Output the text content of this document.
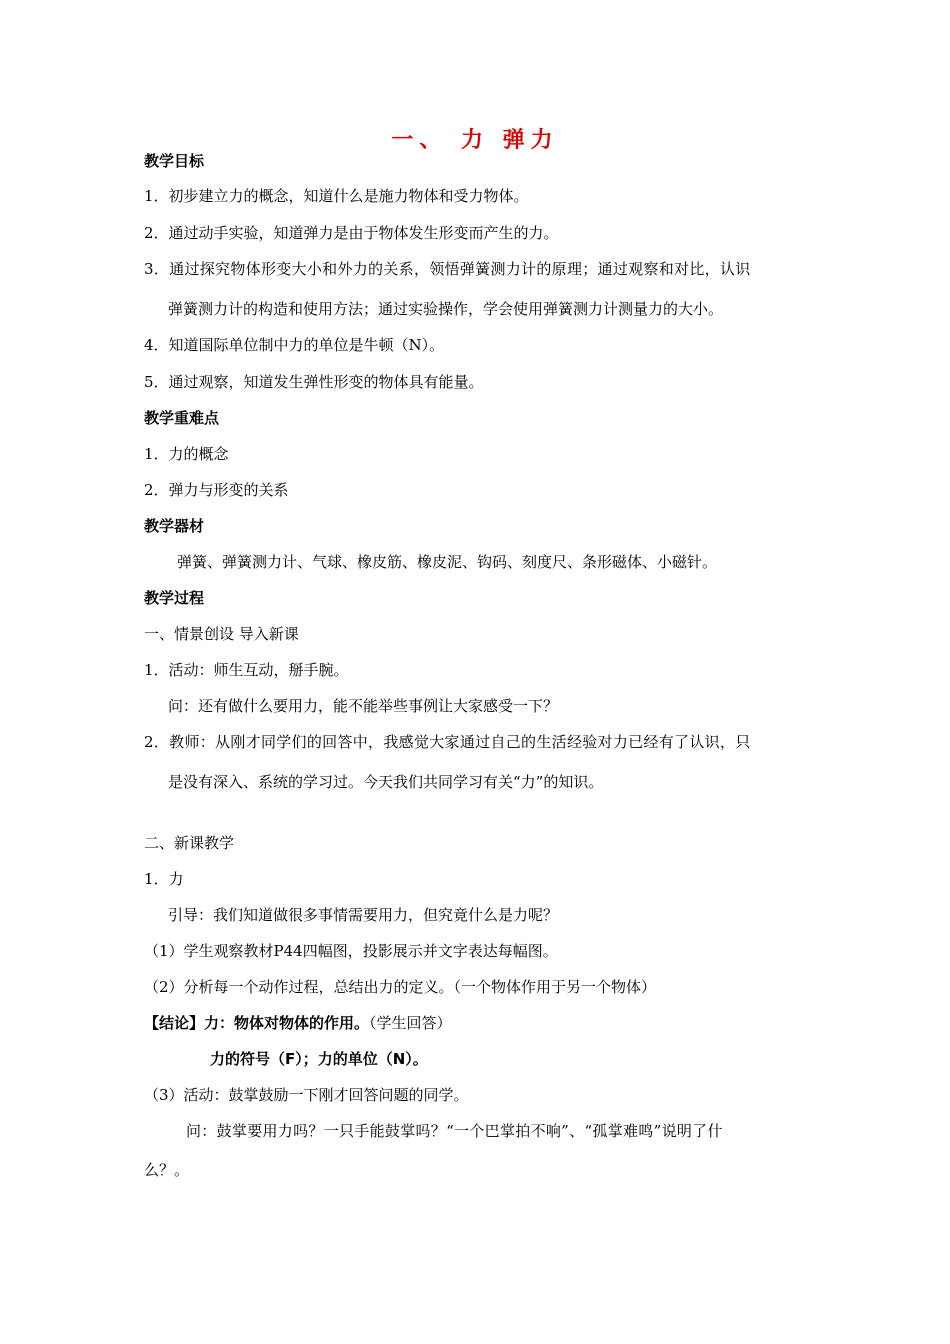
一、 力 弹力

教学目标

1．初步建立力的概念，知道什么是施力物体和受力物体。

2．通过动手实验，知道弹力是由于物体发生形变而产生的力。

3．通过探究物体形变大小和外力的关系，领悟弹簧测力计的原理；通过观察和对比，认识

弹簧测力计的构造和使用方法；通过实验操作，学会使用弹簧测力计测量力的大小。

4．知道国际单位制中力的单位是牛顿（N）。

5．通过观察，知道发生弹性形变的物体具有能量。

教学重难点

1．力的概念

2．弹力与形变的关系

教学器材

弹簧、弹簧测力计、气球、橡皮筋、橡皮泥、钩码、刻度尺、条形磁体、小磁针。

教学过程

一、情景创设 导入新课

1．活动：师生互动，掰手腕。

问：还有做什么要用力，能不能举些事例让大家感受一下？

2．教师：从刚才同学们的回答中，我感觉大家通过自己的生活经验对力已经有了认识，只

是没有深入、系统的学习过。今天我们共同学习有关“力”的知识。

二、新课教学

1．力

引导：我们知道做很多事情需要用力，但究竟什么是力呢？

（1）学生观察教材P44四幅图，投影展示并文字表达每幅图。

（2）分析每一个动作过程，总结出力的定义。（一个物体作用于另一个物体）

【结论】力：物体对物体的作用。（学生回答）

力的符号（F）；力的单位（N）。

（3）活动：鼓掌鼓励一下刚才回答问题的同学。

问：鼓掌要用力吗？一只手能鼓掌吗？“一个巴掌拍不响”、“孤掌难鸣”说明了什

么？。
